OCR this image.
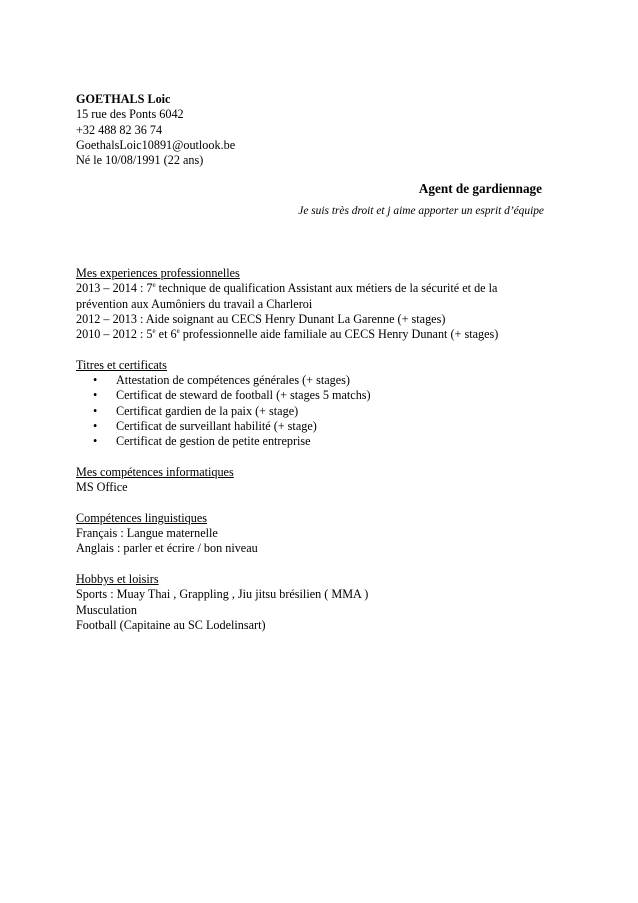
GOETHALS Loic
15 rue des Ponts 6042
+32 488 82 36 74
GoethalsLoic10891@outlook.be
Né le 10/08/1991 (22 ans)
Agent de gardiennage
Je suis très droit et j aime apporter un esprit d’équipe
Mes experiences professionnelles
2013 – 2014 : 7e technique de qualification Assistant aux métiers de la sécurité et de la
prévention aux Aumôniers du travail a Charleroi
2012 – 2013 : Aide soignant au CECS Henry Dunant La Garenne (+ stages)
2010 – 2012 : 5e et 6e professionnelle aide familiale au CECS Henry Dunant (+ stages)
Titres et certificats
• Attestation de compétences générales (+ stages)
• Certificat de steward de football (+ stages 5 matchs)
• Certificat gardien de la paix (+ stage)
• Certificat de surveillant habilité (+ stage)
• Certificat de gestion de petite entreprise
Mes compétences informatiques
MS Office
Compétences linguistiques
Français : Langue maternelle
Anglais : parler et écrire / bon niveau
Hobbys et loisirs
Sports : Muay Thai , Grappling , Jiu jitsu brésilien ( MMA )
Musculation
Football (Capitaine au SC Lodelinsart)
